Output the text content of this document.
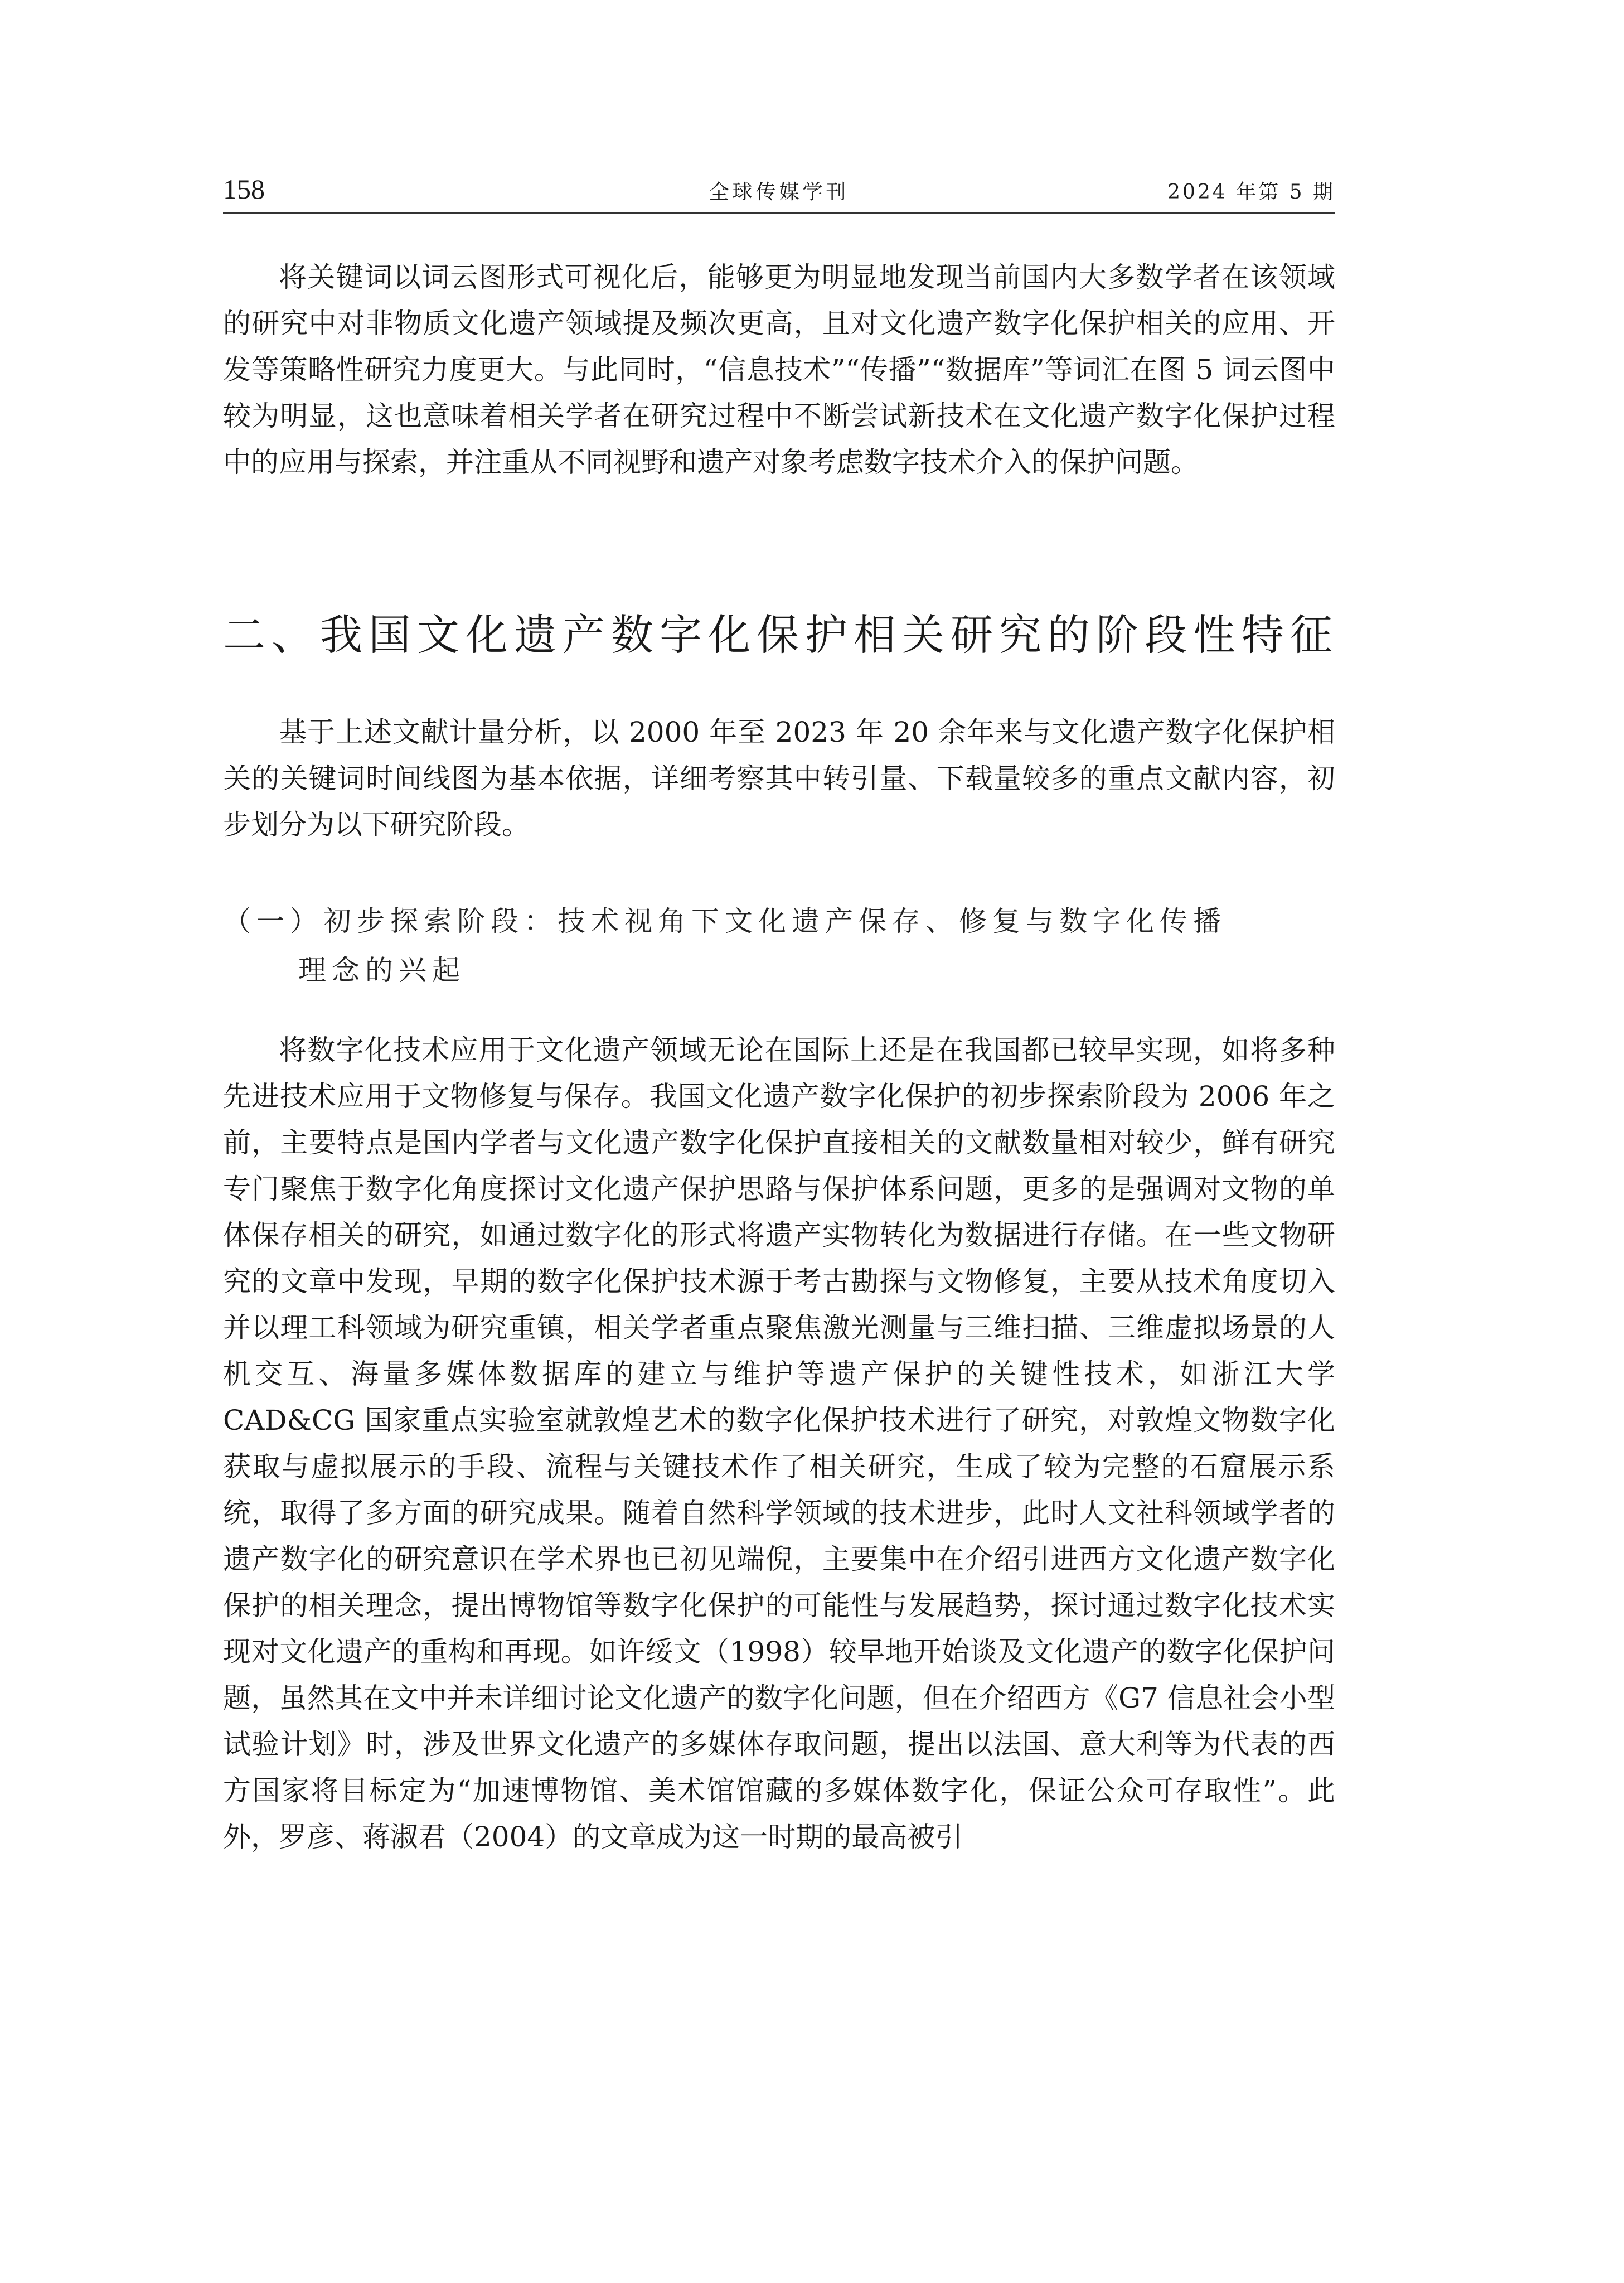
158	全球传媒学刊	2024 年第 5 期

将关键词以词云图形式可视化后，能够更为明显地发现当前国内大多数学者在该领域的研究中对非物质文化遗产领域提及频次更高，且对文化遗产数字化保护相关的应用、开发等策略性研究力度更大。与此同时，“信息技术”“传播”“数据库”等词汇在图 5 词云图中较为明显，这也意味着相关学者在研究过程中不断尝试新技术在文化遗产数字化保护过程中的应用与探索，并注重从不同视野和遗产对象考虑数字技术介入的保护问题。

二、我国文化遗产数字化保护相关研究的阶段性特征

基于上述文献计量分析，以 2000 年至 2023 年 20 余年来与文化遗产数字化保护相关的关键词时间线图为基本依据，详细考察其中转引量、下载量较多的重点文献内容，初步划分为以下研究阶段。

（一）初步探索阶段：技术视角下文化遗产保存、修复与数字化传播
理念的兴起

将数字化技术应用于文化遗产领域无论在国际上还是在我国都已较早实现，如将多种先进技术应用于文物修复与保存。我国文化遗产数字化保护的初步探索阶段为 2006 年之前，主要特点是国内学者与文化遗产数字化保护直接相关的文献数量相对较少，鲜有研究专门聚焦于数字化角度探讨文化遗产保护思路与保护体系问题，更多的是强调对文物的单体保存相关的研究，如通过数字化的形式将遗产实物转化为数据进行存储。在一些文物研究的文章中发现，早期的数字化保护技术源于考古勘探与文物修复，主要从技术角度切入并以理工科领域为研究重镇，相关学者重点聚焦激光测量与三维扫描、三维虚拟场景的人机交互、海量多媒体数据库的建立与维护等遗产保护的关键性技术，如浙江大学 CAD&CG 国家重点实验室就敦煌艺术的数字化保护技术进行了研究，对敦煌文物数字化获取与虚拟展示的手段、流程与关键技术作了相关研究，生成了较为完整的石窟展示系统，取得了多方面的研究成果。随着自然科学领域的技术进步，此时人文社科领域学者的遗产数字化的研究意识在学术界也已初见端倪，主要集中在介绍引进西方文化遗产数字化保护的相关理念，提出博物馆等数字化保护的可能性与发展趋势，探讨通过数字化技术实现对文化遗产的重构和再现。如许绥文（1998）较早地开始谈及文化遗产的数字化保护问题，虽然其在文中并未详细讨论文化遗产的数字化问题，但在介绍西方《G7 信息社会小型试验计划》时，涉及世界文化遗产的多媒体存取问题，提出以法国、意大利等为代表的西方国家将目标定为“加速博物馆、美术馆馆藏的多媒体数字化，保证公众可存取性”。此外，罗彦、蒋淑君（2004）的文章成为这一时期的最高被引
